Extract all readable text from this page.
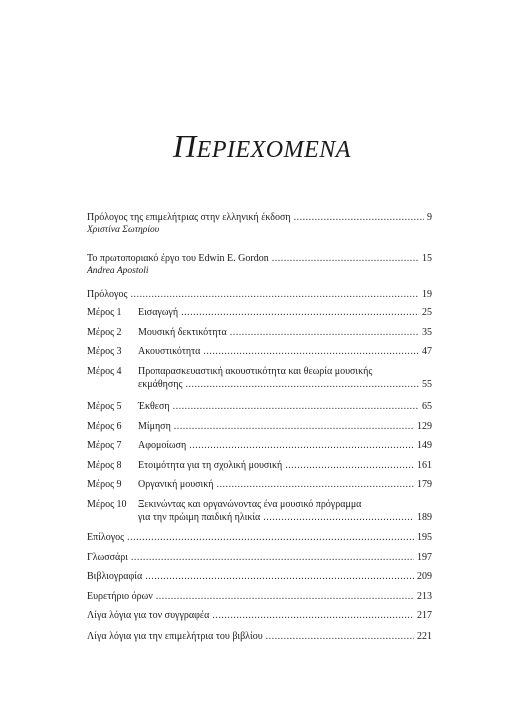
ΠΕΡΙΕΧΟΜΕΝΑ
Πρόλογος της επιμελήτριας στην ελληνική έκδοση .....	9
Χριστίνα Σωτηρίου
Το πρωτοποριακό έργο του Edwin E. Gordon .....	15
Andrea Apostoli
Πρόλογος .....	19
Μέρος 1	Εισαγωγή .....	25
Μέρος 2	Μουσική δεκτικότητα .....	35
Μέρος 3	Ακουστικότητα .....	47
Μέρος 4	Προπαρασκευαστική ακουστικότητα και θεωρία μουσικής
εκμάθησης .....	55
Μέρος 5	Έκθεση .....	65
Μέρος 6	Μίμηση .....	129
Μέρος 7	Αφομοίωση .....	149
Μέρος 8	Ετοιμότητα για τη σχολική μουσική .....	161
Μέρος 9	Οργανική μουσική .....	179
Μέρος 10	Ξεκινώντας και οργανώνοντας ένα μουσικό πρόγραμμα
για την πρώιμη παιδική ηλικία .....	189
Επίλογος .....	195
Γλωσσάρι .....	197
Βιβλιογραφία .....	209
Ευρετήριο όρων .....	213
Λίγα λόγια για τον συγγραφέα .....	217
Λίγα λόγια για την επιμελήτρια του βιβλίου .....	221
